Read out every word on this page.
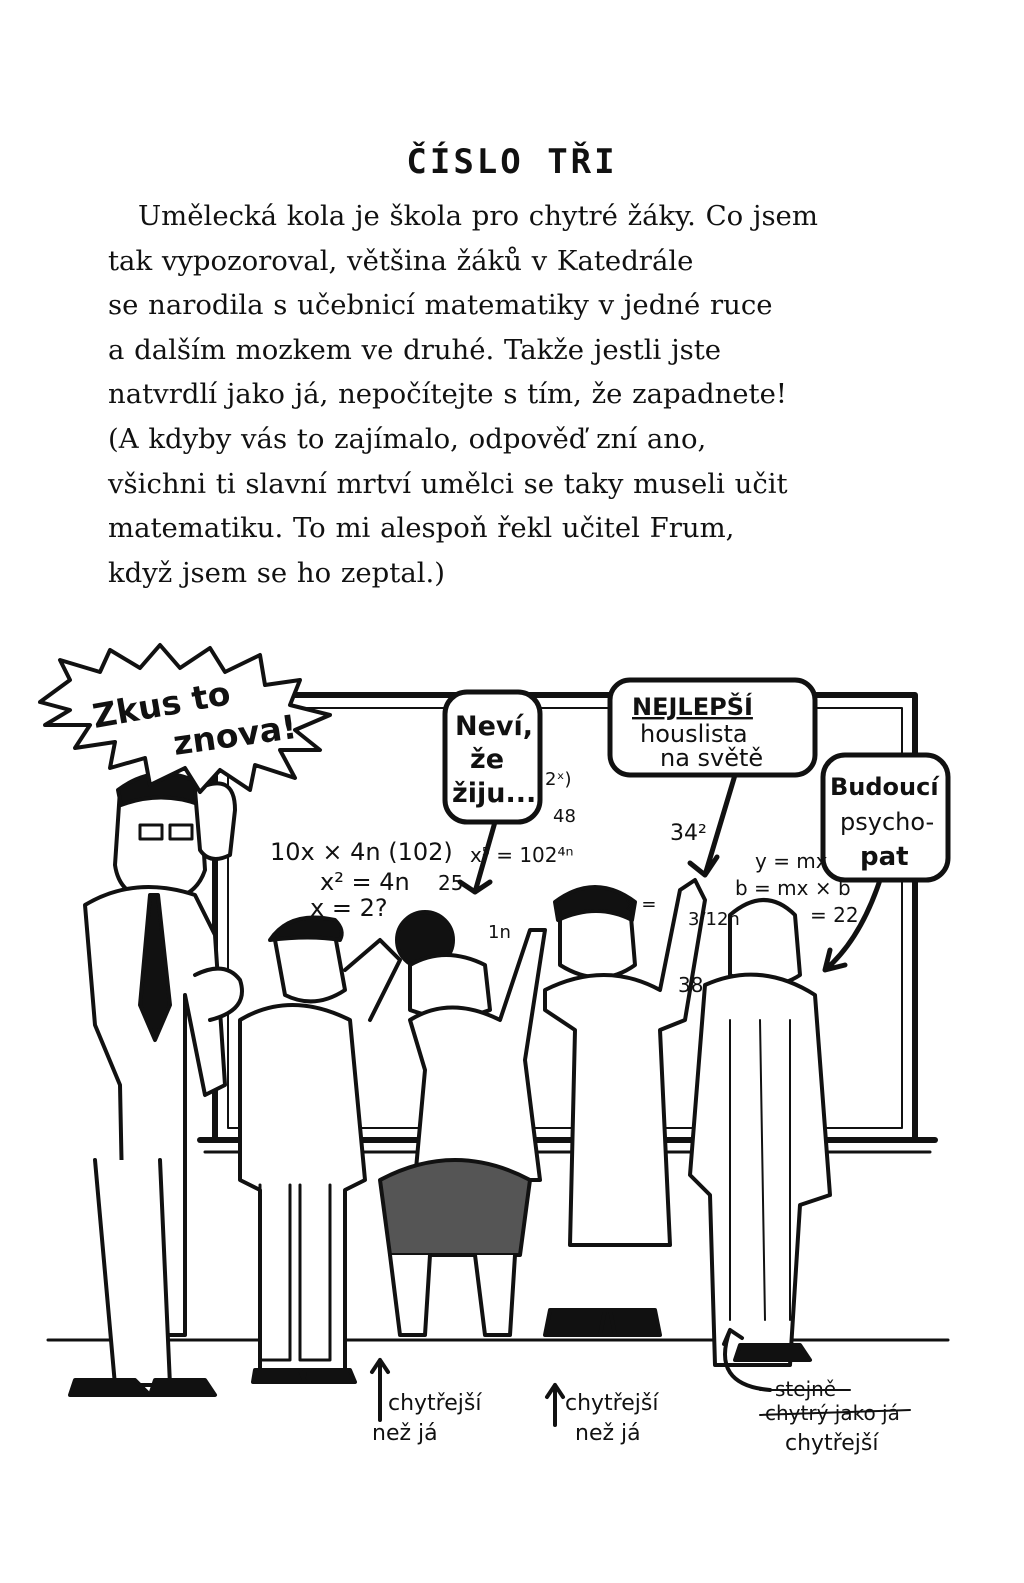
ČÍSLO TŘI

Umělecká kola je škola pro chytré žáky. Co jsem
tak vypozoroval, většina žáků v Katedrále
se narodila s učebnicí matematiky v jedné ruce
a dalším mozkem ve druhé. Takže jestli jste
natvrdlí jako já, nepočítejte s tím, že zapadnete!
(A kdyby vás to zajímalo, odpověď zní ano,
všichni ti slavní mrtví umělci se taky museli učit
matematiku. To mi alespoň řekl učitel Frum,
když jsem se ho zeptal.)

Zkus to
znova!	Neví,
že
žiju...
NEJLEPŠÍ
houslista
na světě
Budoucí
psycho-
pat
10x × 4n (102)
x² = 4n
x = 2?
2ˣ)
48
x⁵ = 102⁴ⁿ
34²
y = mx
b = mx × b
= 22
3/12n
38
1n
x =
25
chytřejší
než já
chytřejší
než já
stejně
chytrý jako já
chytřejší
